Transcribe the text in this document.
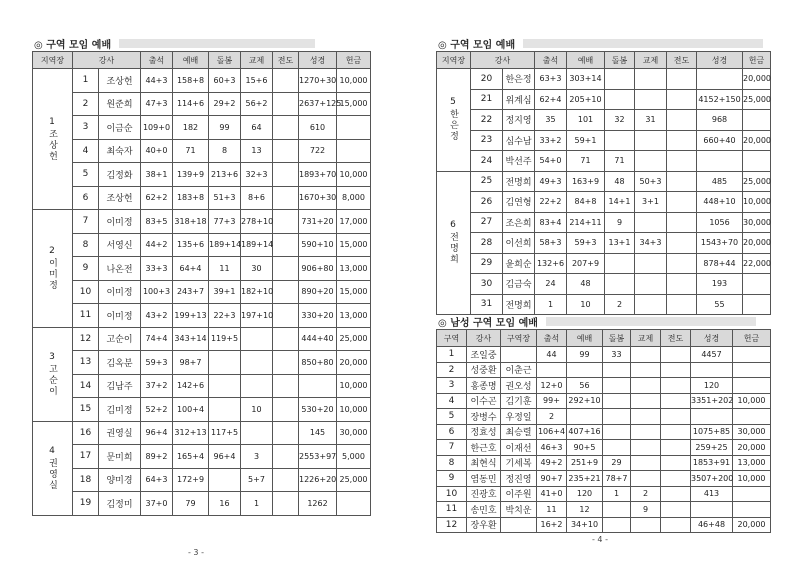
◎ 구역 모임 예배
지역장	강사		출석	예배	돌봄	교제	전도	성경	헌금
1조상헌	1	조상헌	44+3	158+8	60+3	15+6		1270+30	10,000
	2	원준희	47+3	114+6	29+2	56+2		2637+125	15,000
	3	이금순	109+0	182	99	64		610	
	4	최숙자	40+0	71	8	13		722	
	5	김정화	38+1	139+9	213+6	32+3		1893+70	10,000
	6	조상헌	62+2	183+8	51+3	8+6		1670+30	8,000
2이미정	7	이미정	83+5	318+18	77+3	278+10		731+20	17,000
	8	서영신	44+2	135+6	189+14	189+14		590+10	15,000
	9	나온전	33+3	64+4	11	30		906+80	13,000
	10	이미정	100+3	243+7	39+1	182+10		890+20	15,000
	11	이미정	43+2	199+13	22+3	197+10		330+20	13,000
3고순이	12	고순이	74+4	343+14	119+5			444+40	25,000
	13	김옥분	59+3	98+7				850+80	20,000
	14	김남주	37+2	142+6					10,000
	15	김미정	52+2	100+4		10		530+20	10,000
4권영실	16	권영실	96+4	312+13	117+5			145	30,000
	17	문미희	89+2	165+4	96+4	3		2553+97	5,000
	18	양미경	64+3	172+9		5+7		1226+20	25,000
	19	김정미	37+0	79	16	1		1262	
- 3 -
◎ 구역 모임 예배
지역장	강사		출석	예배	돌봄	교제	전도	성경	헌금
5한은정	20	한은정	63+3	303+14					20,000
	21	위계심	62+4	205+10				4152+150	25,000
	22	정지영	35	101	32	31		968	
	23	심수남	33+2	59+1				660+40	20,000
	24	박선주	54+0	71	71				
6전명희	25	전명희	49+3	163+9	48	50+3		485	25,000
	26	김연형	22+2	84+8	14+1	3+1		448+10	10,000
	27	조은희	83+4	214+11	9			1056	30,000
	28	이선희	58+3	59+3	13+1	34+3		1543+70	20,000
	29	윤희순	132+6	207+9				878+44	22,000
	30	김금숙	24	48				193	
	31	전명희	1	10	2			55	
◎ 남성 구역 모임 예배
구역	강사	구역장	출석	예배	돌봄	교제	전도	성경	헌금
1	조일중		44	99	33			4457	
2	성중환	이춘근							
3	홍종명	권오성	12+0	56				120	
4	이수곤	김기훈	99+	292+10				3351+202	10,000
5	장병수	우정일	2						
6	정효성	최승렬	106+4	407+16				1075+85	30,000
7	한근호	이재선	46+3	90+5				259+25	20,000
8	최현식	기세복	49+2	251+9	29			1853+91	13,000
9	염동민	정진영	90+7	235+21	78+7			3507+200	10,000
10	진광호	이주원	41+0	120	1	2		413	
11	송민호	박치운	11	12		9			
12	장우환		16+2	34+10				46+48	20,000
- 4 -
